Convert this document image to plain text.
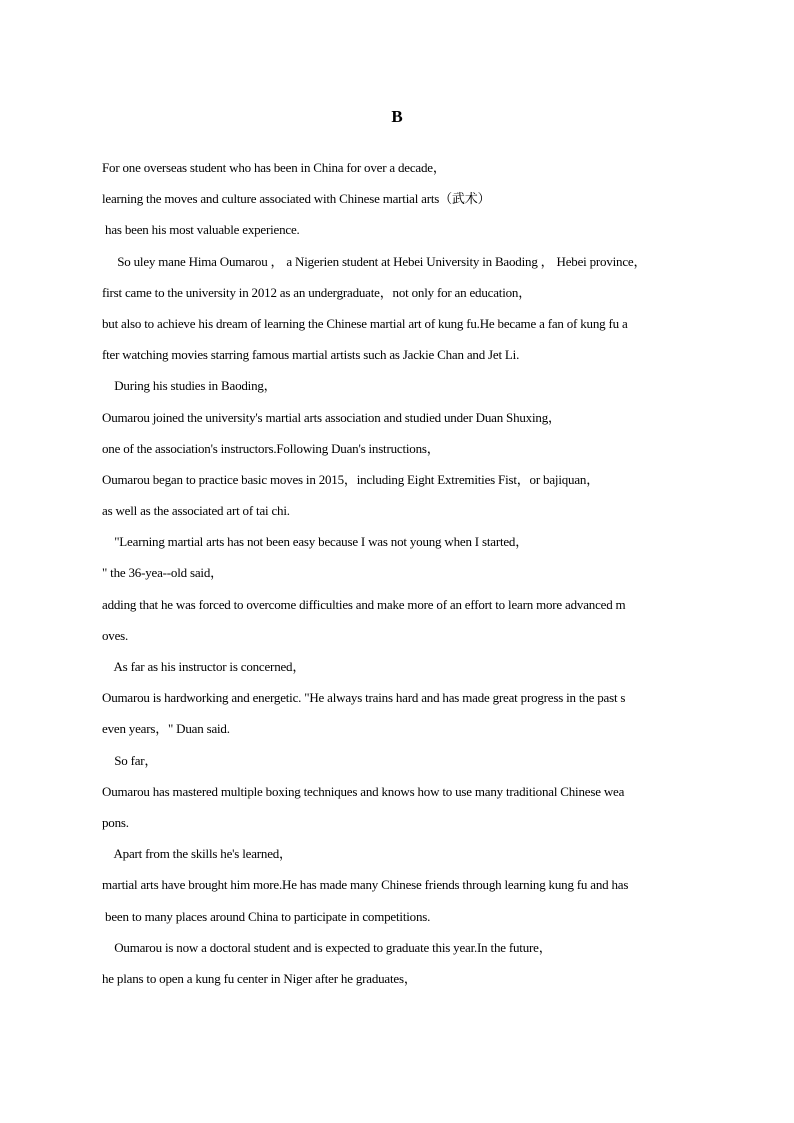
B
For one overseas student who has been in China for over a decade，
learning the moves and culture associated with Chinese martial arts（武术）
has been his most valuable experience.
So uley mane Hima Oumarou ， a Nigerien student at Hebei University in Baoding ， Hebei province，
first came to the university in 2012 as an undergraduate，not only for an education，
but also to achieve his dream of learning the Chinese martial art of kung fu.He became a fan of kung fu a
fter watching movies starring famous martial artists such as Jackie Chan and Jet Li.
During his studies in Baoding，
Oumarou joined the university's martial arts association and studied under Duan Shuxing，
one of the association's instructors.Following Duan's instructions，
Oumarou began to practice basic moves in 2015，including Eight Extremities Fist，or bajiquan，
as well as the associated art of tai chi.
"Learning martial arts has not been easy because I was not young when I started，
" the 36-yea--old said，
adding that he was forced to overcome difficulties and make more of an effort to learn more advanced m
oves.
As far as his instructor is concerned，
Oumarou is hardworking and energetic. "He always trains hard and has made great progress in the past s
even years，" Duan said.
So far，
Oumarou has mastered multiple boxing techniques and knows how to use many traditional Chinese wea
pons.
Apart from the skills he's learned，
martial arts have brought him more.He has made many Chinese friends through learning kung fu and has
been to many places around China to participate in competitions.
Oumarou is now a doctoral student and is expected to graduate this year.In the future，
he plans to open a kung fu center in Niger after he graduates，
